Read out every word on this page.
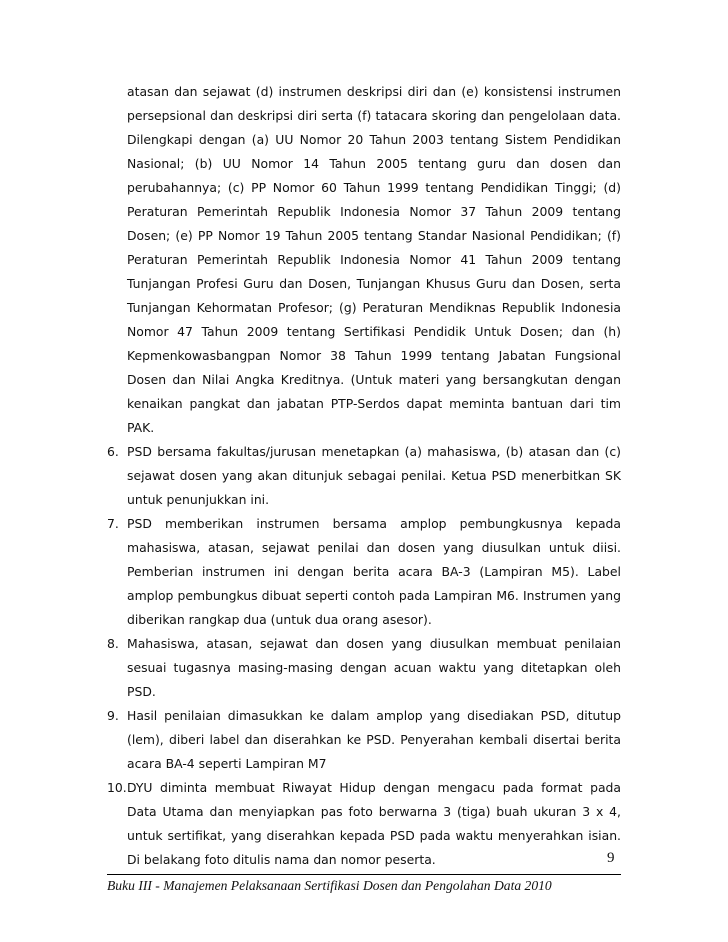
atasan dan sejawat (d) instrumen deskripsi diri dan (e) konsistensi instrumen persepsional dan deskripsi diri serta (f) tatacara skoring dan pengelolaan data. Dilengkapi dengan (a) UU Nomor 20 Tahun 2003 tentang Sistem Pendidikan Nasional; (b) UU Nomor 14 Tahun 2005 tentang guru dan dosen dan perubahannya; (c) PP Nomor 60 Tahun 1999 tentang Pendidikan Tinggi; (d) Peraturan Pemerintah Republik Indonesia Nomor 37 Tahun 2009 tentang Dosen; (e) PP Nomor 19 Tahun 2005 tentang Standar Nasional Pendidikan; (f) Peraturan Pemerintah Republik Indonesia Nomor 41 Tahun 2009 tentang Tunjangan Profesi Guru dan Dosen, Tunjangan Khusus Guru dan Dosen, serta Tunjangan Kehormatan Profesor; (g) Peraturan Mendiknas Republik Indonesia Nomor 47 Tahun 2009 tentang Sertifikasi Pendidik Untuk Dosen; dan (h) Kepmenkowasbangpan Nomor 38 Tahun 1999 tentang Jabatan Fungsional Dosen dan Nilai Angka Kreditnya. (Untuk materi yang bersangkutan dengan kenaikan pangkat dan jabatan PTP-Serdos dapat meminta bantuan dari tim PAK.

6. PSD bersama fakultas/jurusan menetapkan (a) mahasiswa, (b) atasan dan (c) sejawat dosen yang akan ditunjuk sebagai penilai. Ketua PSD menerbitkan SK untuk penunjukkan ini.

7. PSD memberikan instrumen bersama amplop pembungkusnya kepada mahasiswa, atasan, sejawat penilai dan dosen yang diusulkan untuk diisi. Pemberian instrumen ini dengan berita acara BA-3 (Lampiran M5). Label amplop pembungkus dibuat seperti contoh pada Lampiran M6. Instrumen yang diberikan rangkap dua (untuk dua orang asesor).

8. Mahasiswa, atasan, sejawat dan dosen yang diusulkan membuat penilaian sesuai tugasnya masing-masing dengan acuan waktu yang ditetapkan oleh PSD.

9. Hasil penilaian dimasukkan ke dalam amplop yang disediakan PSD, ditutup (lem), diberi label dan diserahkan ke PSD. Penyerahan kembali disertai berita acara BA-4 seperti Lampiran M7

10. DYU diminta membuat Riwayat Hidup dengan mengacu pada format pada Data Utama dan menyiapkan pas foto berwarna 3 (tiga) buah ukuran 3 x 4, untuk sertifikat, yang diserahkan kepada PSD pada waktu menyerahkan isian. Di belakang foto ditulis nama dan nomor peserta.	9
Buku III - Manajemen Pelaksanaan Sertifikasi Dosen dan Pengolahan Data 2010
